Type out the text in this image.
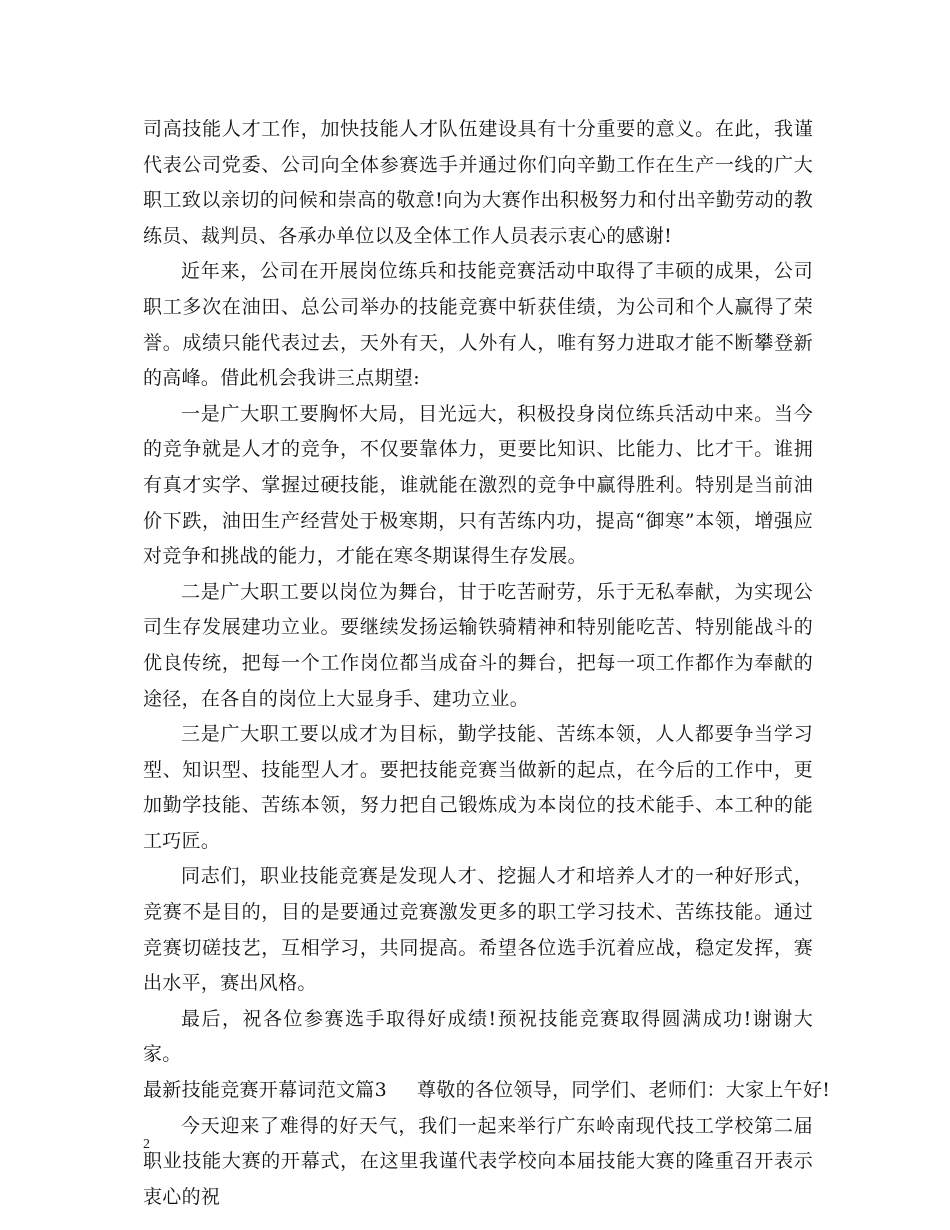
司高技能人才工作，加快技能人才队伍建设具有十分重要的意义。在此，我谨代表公司党委、公司向全体参赛选手并通过你们向辛勤工作在生产一线的广大职工致以亲切的问候和崇高的敬意!向为大赛作出积极努力和付出辛勤劳动的教练员、裁判员、各承办单位以及全体工作人员表示衷心的感谢!

近年来，公司在开展岗位练兵和技能竞赛活动中取得了丰硕的成果，公司职工多次在油田、总公司举办的技能竞赛中斩获佳绩，为公司和个人赢得了荣誉。成绩只能代表过去，天外有天，人外有人，唯有努力进取才能不断攀登新的高峰。借此机会我讲三点期望:

一是广大职工要胸怀大局，目光远大，积极投身岗位练兵活动中来。当今的竞争就是人才的竞争，不仅要靠体力，更要比知识、比能力、比才干。谁拥有真才实学、掌握过硬技能，谁就能在激烈的竞争中赢得胜利。特别是当前油价下跌，油田生产经营处于极寒期，只有苦练内功，提高“御寒”本领，增强应对竞争和挑战的能力，才能在寒冬期谋得生存发展。

二是广大职工要以岗位为舞台，甘于吃苦耐劳，乐于无私奉献，为实现公司生存发展建功立业。要继续发扬运输铁骑精神和特别能吃苦、特别能战斗的优良传统，把每一个工作岗位都当成奋斗的舞台，把每一项工作都作为奉献的途径，在各自的岗位上大显身手、建功立业。

三是广大职工要以成才为目标，勤学技能、苦练本领，人人都要争当学习型、知识型、技能型人才。要把技能竞赛当做新的起点，在今后的工作中，更加勤学技能、苦练本领，努力把自己锻炼成为本岗位的技术能手、本工种的能工巧匠。

同志们，职业技能竞赛是发现人才、挖掘人才和培养人才的一种好形式，竞赛不是目的，目的是要通过竞赛激发更多的职工学习技术、苦练技能。通过竞赛切磋技艺，互相学习，共同提高。希望各位选手沉着应战，稳定发挥，赛出水平，赛出风格。

最后，祝各位参赛选手取得好成绩!预祝技能竞赛取得圆满成功!谢谢大家。

最新技能竞赛开幕词范文篇3 尊敬的各位领导，同学们、老师们：大家上午好!

今天迎来了难得的好天气，我们一起来举行广东岭南现代技工学校第二届职业技能大赛的开幕式，在这里我谨代表学校向本届技能大赛的隆重召开表示衷心的祝

2
